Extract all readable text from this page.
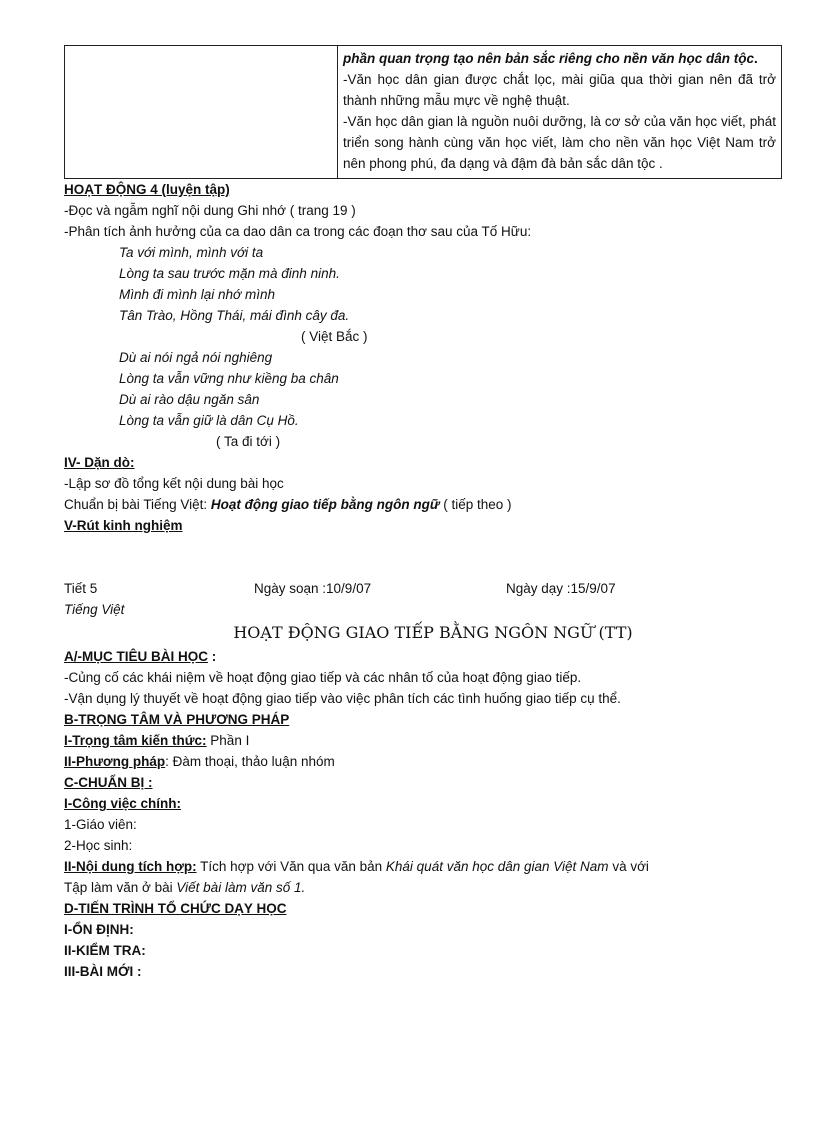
phần quan trọng tạo nên bản sắc riêng cho nền văn học dân tộc.
-Văn học dân gian được chắt lọc, mài giũa qua thời gian nên đã trở thành những mẫu mực về nghệ thuật.
-Văn học dân gian là nguồn nuôi dưỡng, là cơ sở của văn học viết, phát triển song hành cùng văn học viết, làm cho nền văn học Việt Nam trở nên phong phú, đa dạng và đậm đà bản sắc dân tộc .
HOẠT ĐỘNG 4 (luyện tập)
-Đọc và ngẫm nghĩ nội dung Ghi nhớ ( trang 19 )
-Phân tích ảnh hưởng của ca dao dân ca trong các đoạn thơ sau của Tố Hữu:
Ta với mình, mình với ta
Lòng ta sau trước mặn mà đinh ninh.
Mình đi mình lại nhớ mình
Tân Trào, Hồng Thái, mái đình cây đa.
( Việt Bắc )
Dù ai nói ngả nói nghiêng
Lòng ta vẫn vững như kiềng ba chân
Dù ai rào dậu ngăn sân
Lòng ta vẫn giữ là dân Cụ Hồ.
( Ta đi tới )
IV- Dặn dò:
-Lập sơ đồ tổng kết nội dung bài học
Chuẩn bị bài Tiếng Việt: Hoạt động giao tiếp bằng ngôn ngữ ( tiếp theo )
V-Rút kinh nghiệm
Tiết 5	Ngày soạn :10/9/07	Ngày dạy :15/9/07
Tiếng Việt
HOẠT ĐỘNG GIAO TIẾP BẰNG NGÔN NGỮ (TT)
A/-MỤC TIÊU BÀI HỌC :
-Củng cố các khái niệm về hoạt động giao tiếp và các nhân tố của hoạt động giao tiếp.
-Vận dụng lý thuyết về hoạt động giao tiếp vào việc phân tích các tình huống giao tiếp cụ thể.
B-TRỌNG TÂM VÀ PHƯƠNG PHÁP
I-Trọng tâm kiến thức: Phần I
II-Phương pháp: Đàm thoại, thảo luận nhóm
C-CHUẨN BỊ :
I-Công việc chính:
1-Giáo viên:
2-Học sinh:
II-Nội dung tích hợp: Tích hợp với Văn qua văn bản Khái quát văn học dân gian Việt Nam và với
Tập làm văn ở bài Viết bài làm văn số 1.
D-TIẾN TRÌNH TỔ CHỨC DẠY HỌC
I-ỔN ĐỊNH:
II-KIỂM TRA:
III-BÀI MỚI :
